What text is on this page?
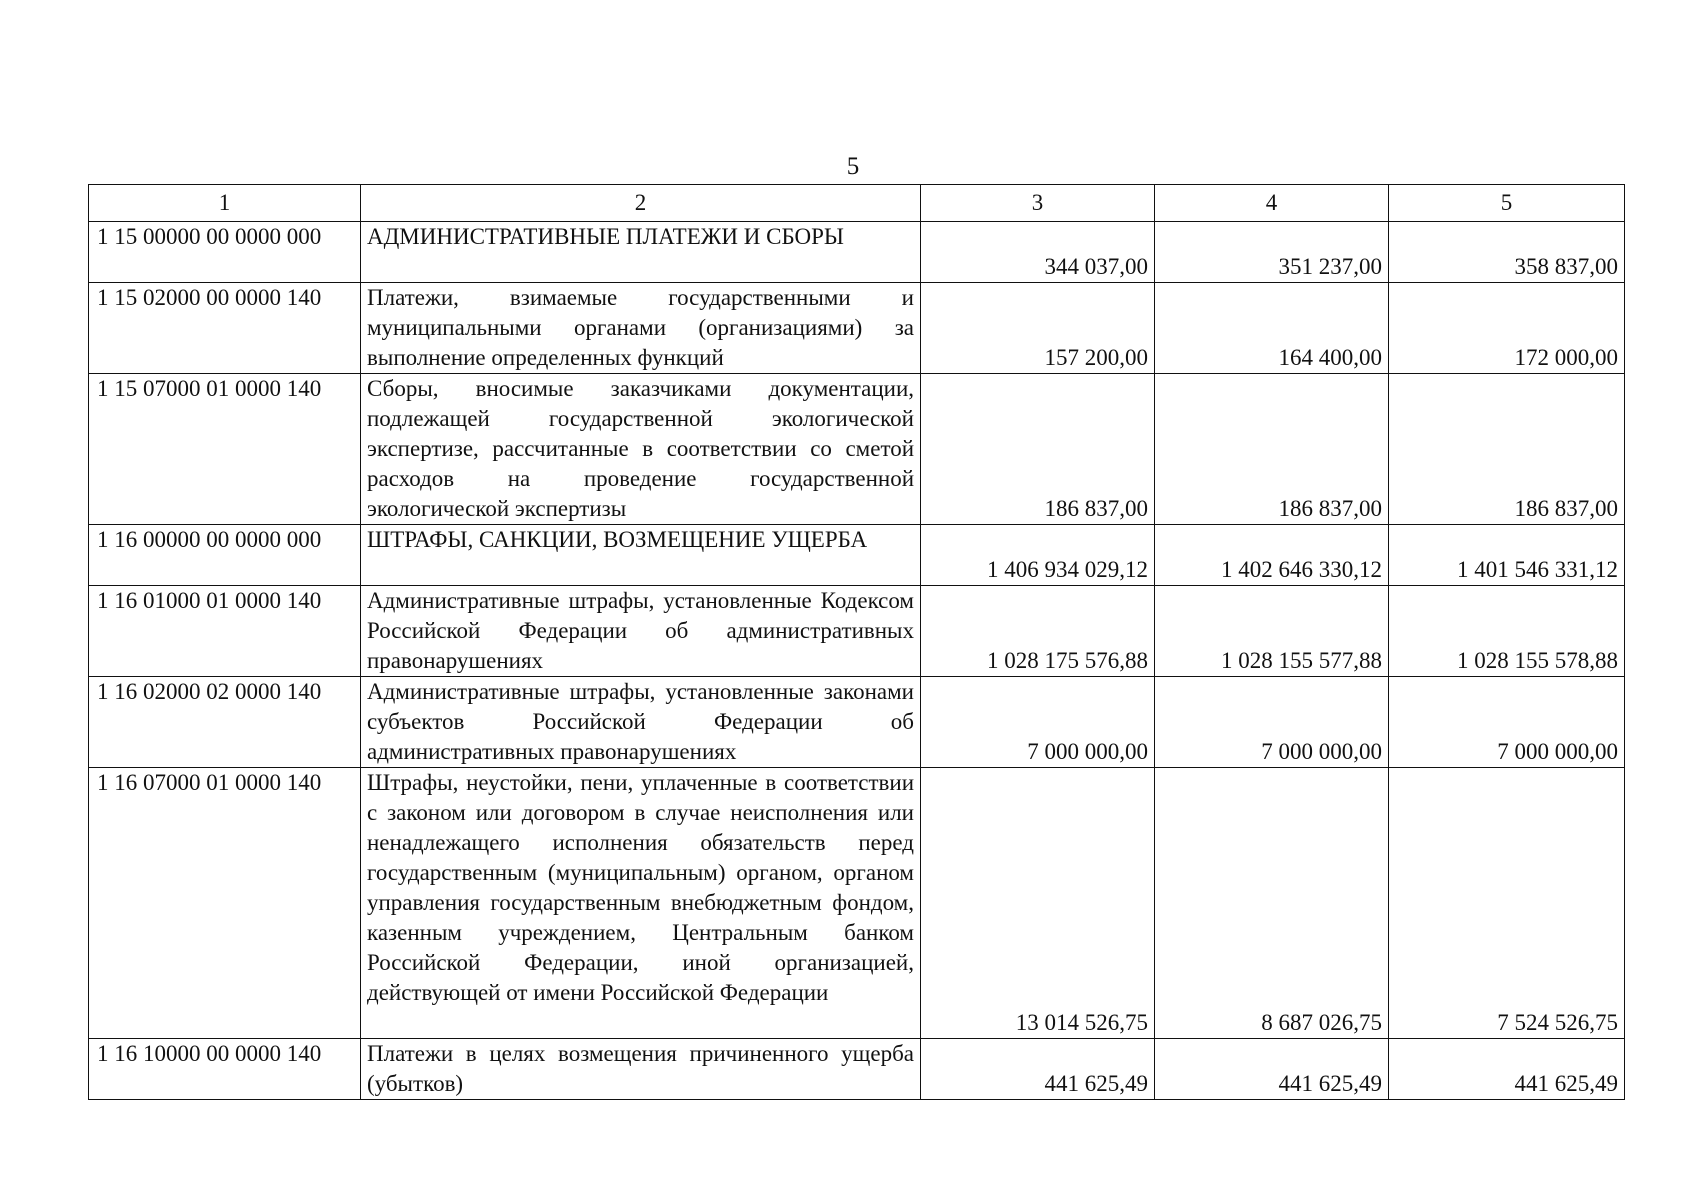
5
1	2	3	4	5
1 15 00000 00 0000 000	АДМИНИСТРАТИВНЫЕ ПЛАТЕЖИ И СБОРЫ	344 037,00	351 237,00	358 837,00
1 15 02000 00 0000 140	Платежи, взимаемые государственными и муниципальными органами (организациями) за выполнение определенных функций	157 200,00	164 400,00	172 000,00
1 15 07000 01 0000 140	Сборы, вносимые заказчиками документации, подлежащей государственной экологической экспертизе, рассчитанные в соответствии со сметой расходов на проведение государственной экологической экспертизы	186 837,00	186 837,00	186 837,00
1 16 00000 00 0000 000	ШТРАФЫ, САНКЦИИ, ВОЗМЕЩЕНИЕ УЩЕРБА	1 406 934 029,12	1 402 646 330,12	1 401 546 331,12
1 16 01000 01 0000 140	Административные штрафы, установленные Кодексом Российской Федерации об административных правонарушениях	1 028 175 576,88	1 028 155 577,88	1 028 155 578,88
1 16 02000 02 0000 140	Административные штрафы, установленные законами субъектов Российской Федерации об административных правонарушениях	7 000 000,00	7 000 000,00	7 000 000,00
1 16 07000 01 0000 140	Штрафы, неустойки, пени, уплаченные в соответствии с законом или договором в случае неисполнения или ненадлежащего исполнения обязательств перед государственным (муниципальным) органом, органом управления государственным внебюджетным фондом, казенным учреждением, Центральным банком Российской Федерации, иной организацией, действующей от имени Российской Федерации	13 014 526,75	8 687 026,75	7 524 526,75
1 16 10000 00 0000 140	Платежи в целях возмещения причиненного ущерба (убытков)	441 625,49	441 625,49	441 625,49
